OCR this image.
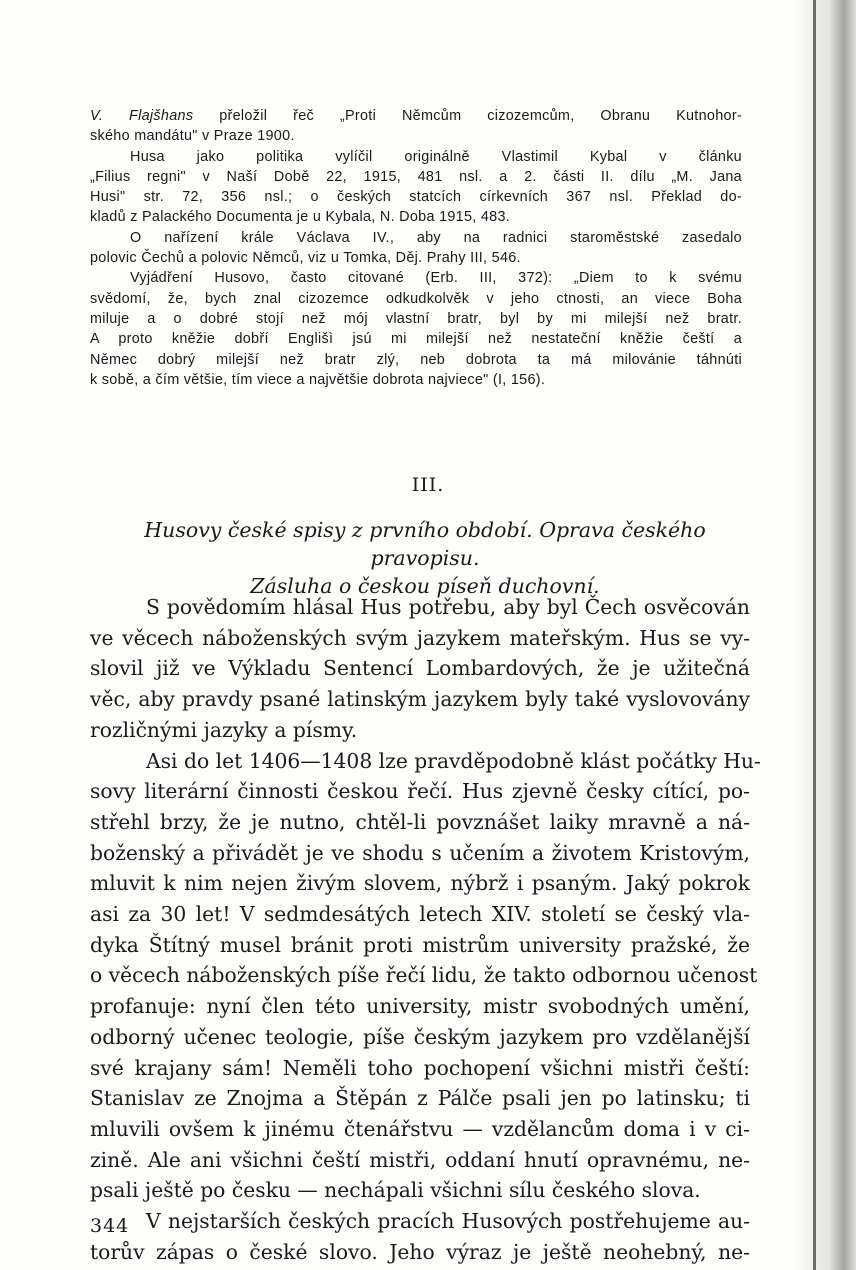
V. Flajšhans přeložil řeč „Proti Němcům cizozemcům, Obranu Kutnohor-
ského mandátu" v Praze 1900.
Husa jako politika vylíčil originálně Vlastimil Kybal v článku
„Filius regni" v Naší Době 22, 1915, 481 nsl. a 2. části II. dílu „M. Jana
Husi" str. 72, 356 nsl.; o českých statcích církevních 367 nsl. Překlad do-
kladů z Palackého Documenta je u Kybala, N. Doba 1915, 483.
O nařízení krále Václava IV., aby na radnici staroměstské zasedalo
polovic Čechů a polovic Němců, viz u Tomka, Děj. Prahy III, 546.
Vyjádření Husovo, často citované (Erb. III, 372): „Diem to k svému
svědomí, že, bych znal cizozemce odkudkolvěk v jeho ctnosti, an viece Boha
miluje a o dobré stojí než mój vlastní bratr, byl by mi milejší než bratr.
A proto kněžie dobří Englišì jsú mi milejší než nestateční kněžie čeští a
Němec dobrý milejší než bratr zlý, neb dobrota ta má milovánie táhnúti
k sobě, a čím většie, tím viece a najvětšie dobrota najviece" (I, 156).
III.
Husovy české spisy z prvního období. Oprava českého pravopisu.
Zásluha o českou píseň duchovní.
S povědomím hlásal Hus potřebu, aby byl Čech osvěcován
ve věcech náboženských svým jazykem mateřským. Hus se vy-
slovil již ve Výkladu Sentencí Lombardových, že je užitečná
věc, aby pravdy psané latinským jazykem byly také vyslovovány
rozličnými jazyky a písmy.
Asi do let 1406—1408 lze pravděpodobně klást počátky Hu-
sovy literární činnosti českou řečí. Hus zjevně česky cítící, po-
střehl brzy, že je nutno, chtěl-li povznášet laiky mravně a ná-
boženský a přivádět je ve shodu s učením a životem Kristovým,
mluvit k nim nejen živým slovem, nýbrž i psaným. Jaký pokrok
asi za 30 let! V sedmdesátých letech XIV. století se český vla-
dyka Štítný musel bránit proti mistrům university pražské, že
o věcech náboženských píše řečí lidu, že takto odbornou učenost
profanuje: nyní člen této university, mistr svobodných umění,
odborný učenec teologie, píše českým jazykem pro vzdělanější
své krajany sám! Neměli toho pochopení všichni mistři čeští:
Stanislav ze Znojma a Štěpán z Pálče psali jen po latinsku; ti
mluvili ovšem k jinému čtenářstvu — vzdělancům doma i v ci-
zině. Ale ani všichni čeští mistři, oddaní hnutí opravnému, ne-
psali ještě po česku — nechápali všichni sílu českého slova.
V nejstarších českých pracích Husových postřehujeme au-
torův zápas o české slovo. Jeho výraz je ještě neohebný, ne-
344
